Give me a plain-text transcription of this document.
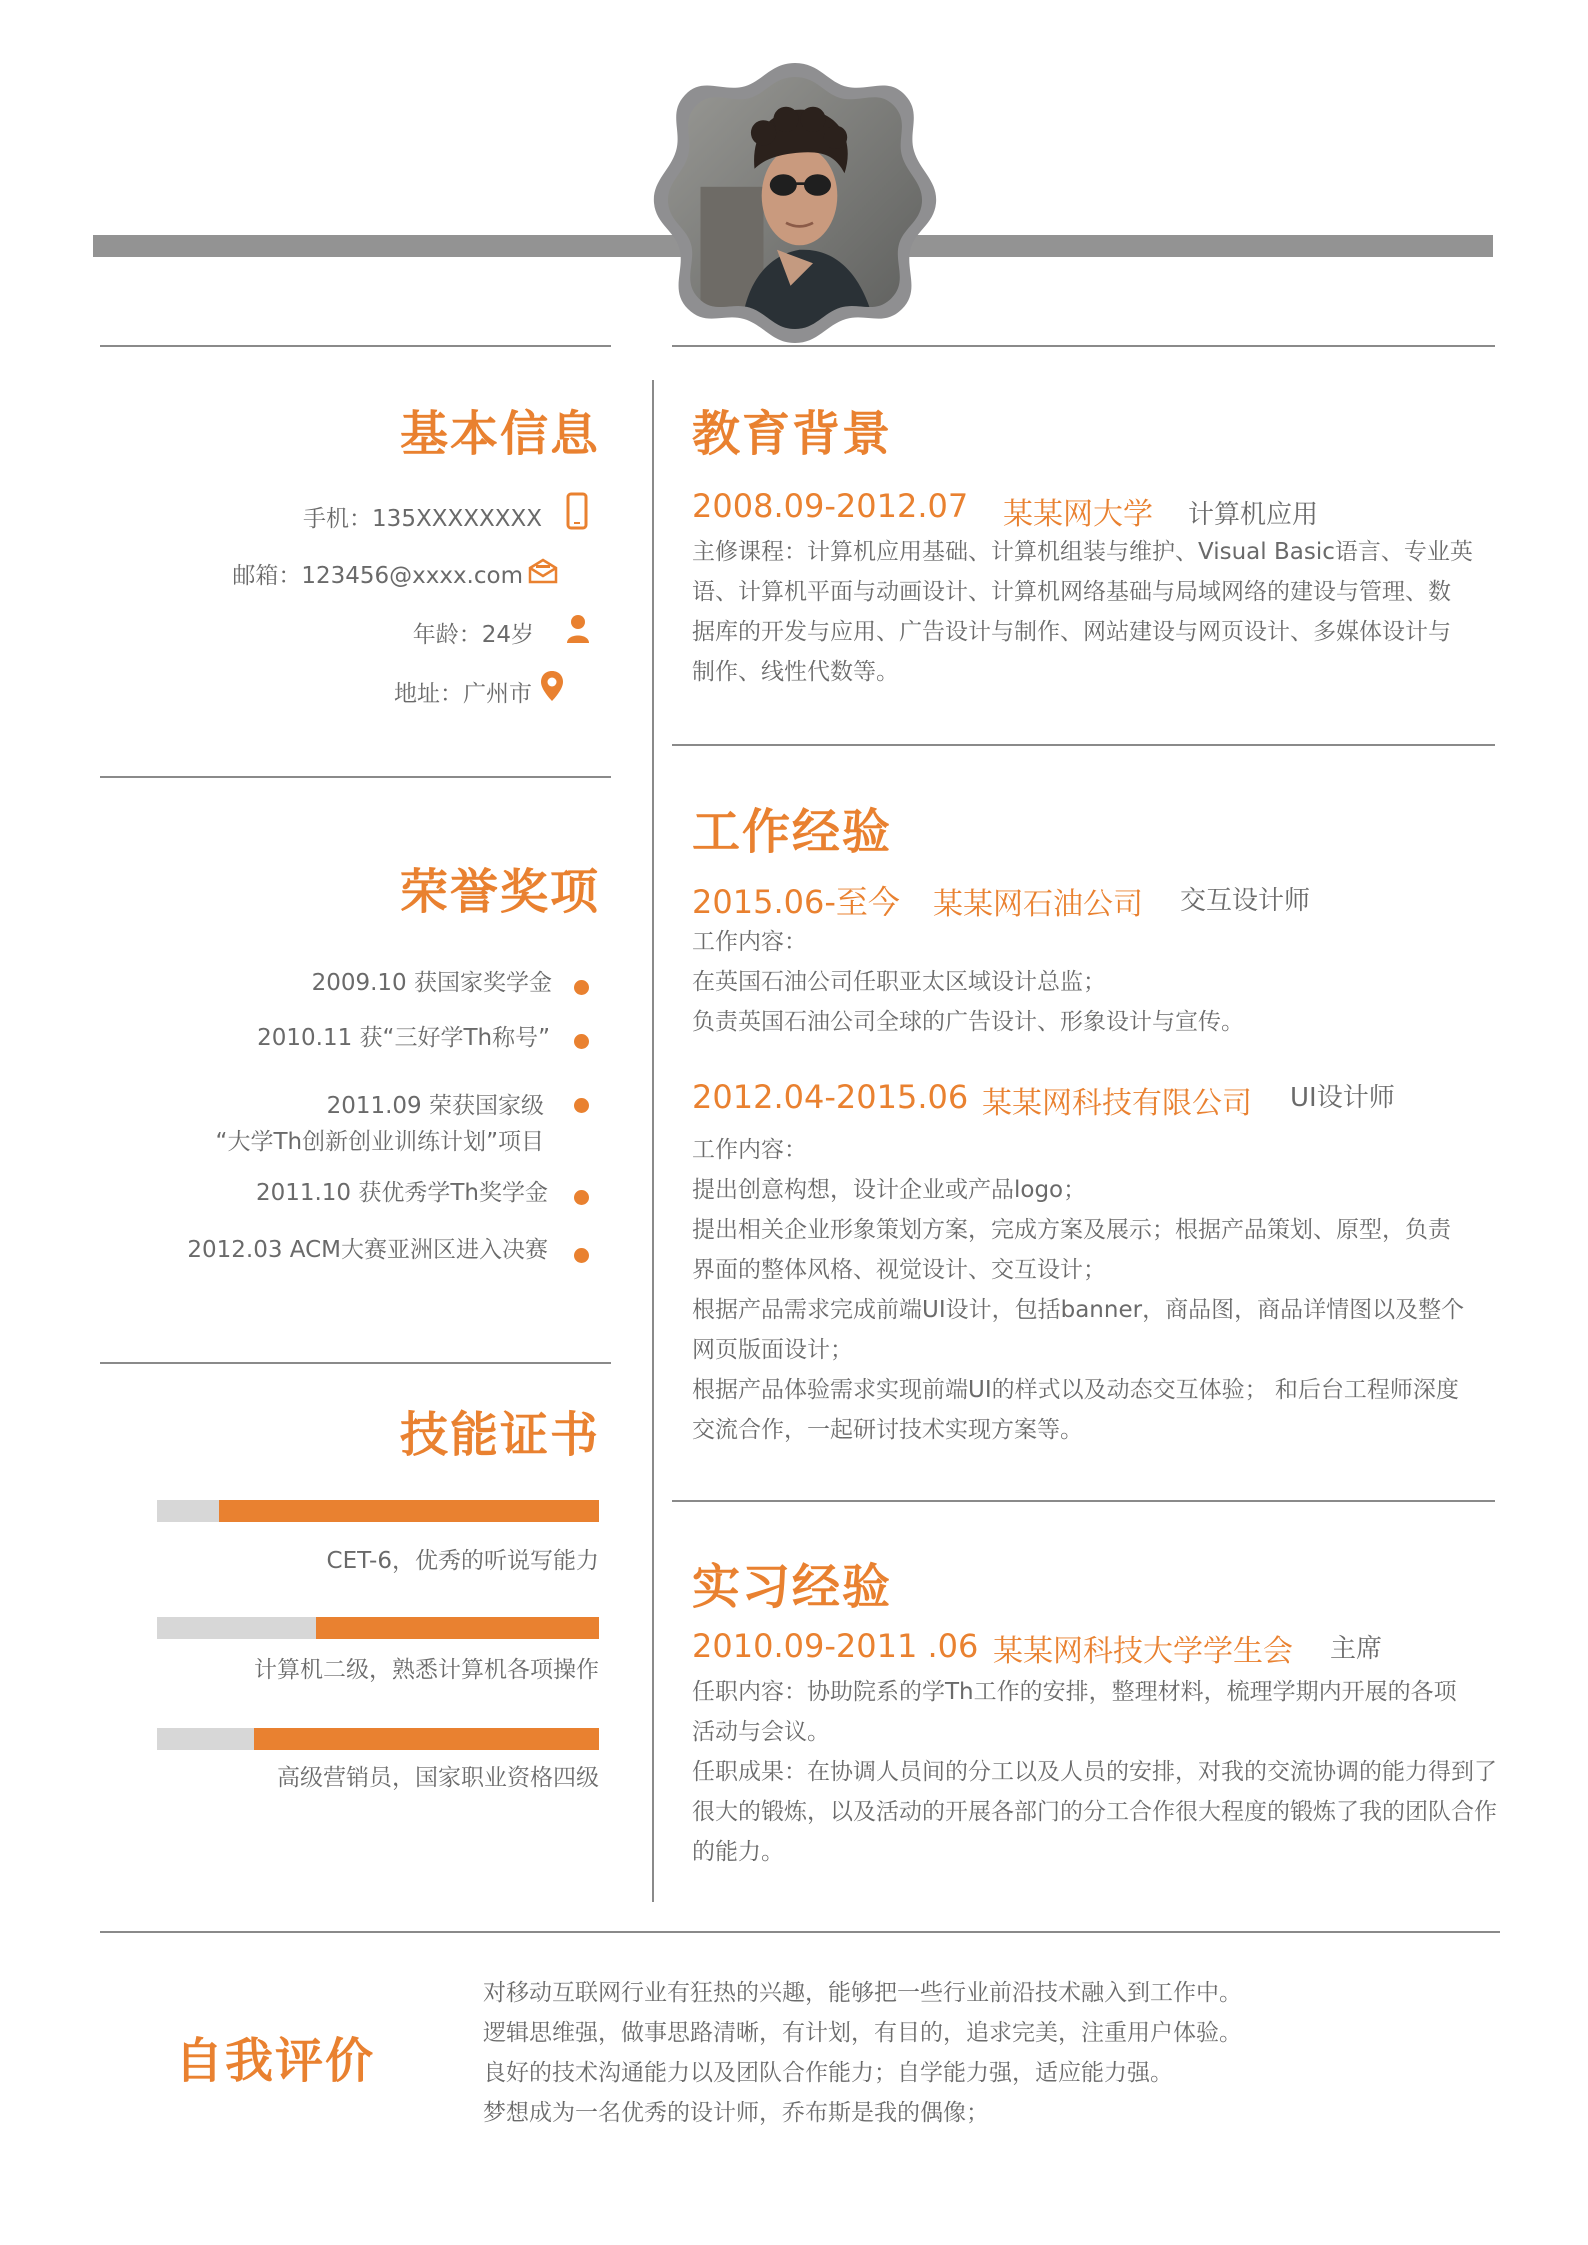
基本信息
手机：135XXXXXXXX
邮箱：123456@xxxx.com
年龄：24岁
地址：广州市
荣誉奖项
2009.10 获国家奖学金
2010.11 获“三好学Th称号”
2011.09 荣获国家级
“大学Th创新创业训练计划”项目
2011.10 获优秀学Th奖学金
2012.03 ACM大赛亚洲区进入决赛
技能证书
CET-6，优秀的听说写能力
计算机二级，熟悉计算机各项操作
高级营销员，国家职业资格四级
教育背景
2008.09-2012.07 某某网大学 计算机应用
主修课程：计算机应用基础、计算机组装与维护、Visual Basic语言、专业英
语、计算机平面与动画设计、计算机网络基础与局域网络的建设与管理、数
据库的开发与应用、广告设计与制作、网站建设与网页设计、多媒体设计与
制作、线性代数等。
工作经验
2015.06-至今 某某网石油公司 交互设计师
工作内容：
在英国石油公司任职亚太区域设计总监；
负责英国石油公司全球的广告设计、形象设计与宣传。
2012.04-2015.06 某某网科技有限公司 UI设计师
工作内容：
提出创意构想，设计企业或产品logo；
提出相关企业形象策划方案，完成方案及展示；根据产品策划、原型，负责
界面的整体风格、视觉设计、交互设计；
根据产品需求完成前端UI设计，包括banner，商品图，商品详情图以及整个
网页版面设计；
根据产品体验需求实现前端UI的样式以及动态交互体验； 和后台工程师深度
交流合作，一起研讨技术实现方案等。
实习经验
2010.09-2011 .06 某某网科技大学学生会 主席
任职内容：协助院系的学Th工作的安排，整理材料，梳理学期内开展的各项
活动与会议。
任职成果：在协调人员间的分工以及人员的安排，对我的交流协调的能力得到了
很大的锻炼，以及活动的开展各部门的分工合作很大程度的锻炼了我的团队合作
的能力。
自我评价
对移动互联网行业有狂热的兴趣，能够把一些行业前沿技术融入到工作中。
逻辑思维强，做事思路清晰，有计划，有目的，追求完美，注重用户体验。
良好的技术沟通能力以及团队合作能力；自学能力强，适应能力强。
梦想成为一名优秀的设计师，乔布斯是我的偶像；
